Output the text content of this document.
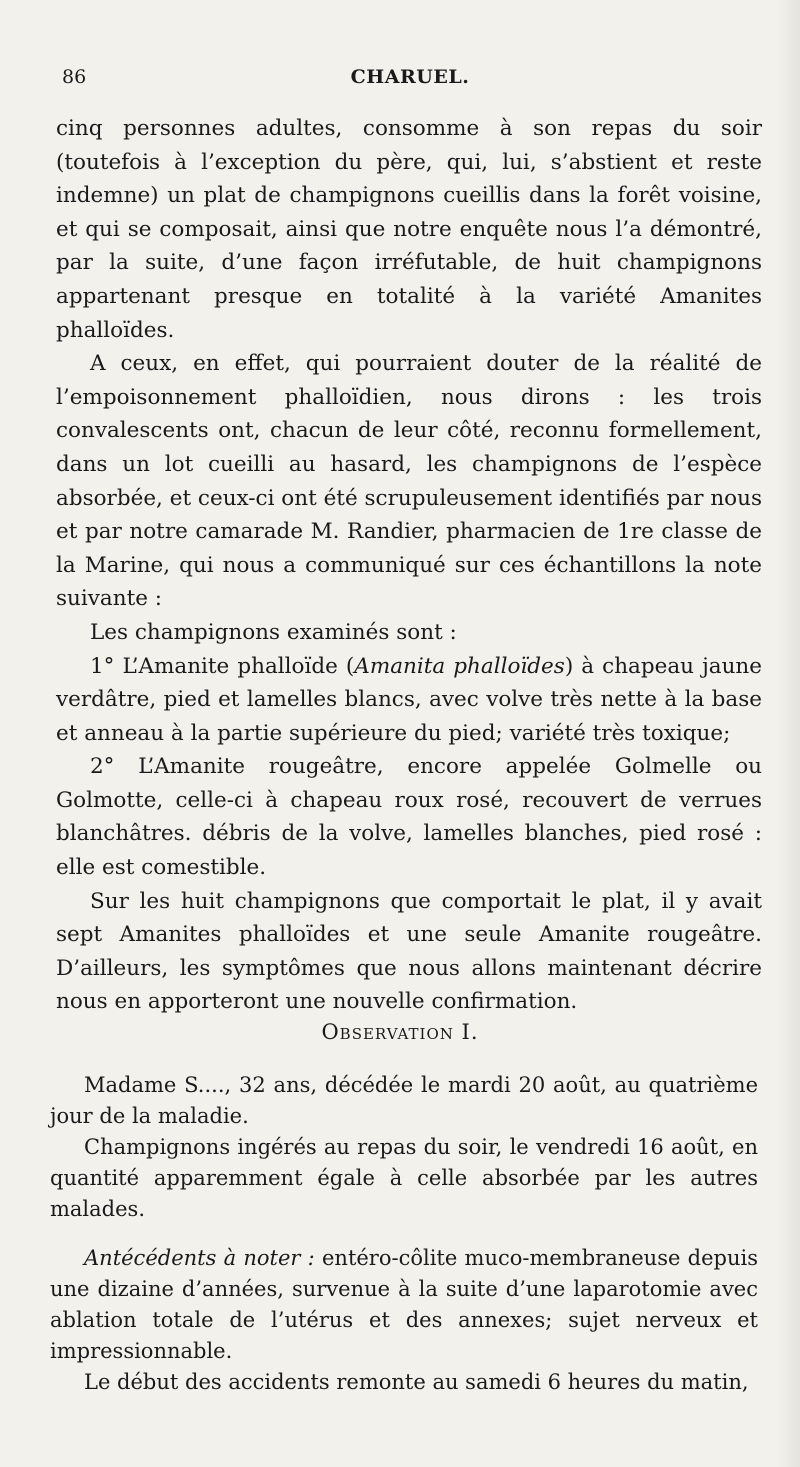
86	CHARUEL.

cinq personnes adultes, consomme à son repas du soir (toutefois à l’exception du père, qui, lui, s’abstient et reste indemne) un plat de champignons cueillis dans la forêt voisine, et qui se composait, ainsi que notre enquête nous l’a démontré, par la suite, d’une façon irréfutable, de huit champignons appartenant presque en totalité à la variété Amanites phalloïdes.

A ceux, en effet, qui pourraient douter de la réalité de l’empoisonnement phalloïdien, nous dirons : les trois convalescents ont, chacun de leur côté, reconnu formellement, dans un lot cueilli au hasard, les champignons de l’espèce absorbée, et ceux-ci ont été scrupuleusement identifiés par nous et par notre camarade M. Randier, pharmacien de 1re classe de la Marine, qui nous a communiqué sur ces échantillons la note suivante :

Les champignons examinés sont :

1° L’Amanite phalloïde (Amanita phalloïdes) à chapeau jaune verdâtre, pied et lamelles blancs, avec volve très nette à la base et anneau à la partie supérieure du pied; variété très toxique;

2° L’Amanite rougeâtre, encore appelée Golmelle ou Golmotte, celle-ci à chapeau roux rosé, recouvert de verrues blanchâtres. débris de la volve, lamelles blanches, pied rosé : elle est comestible.

Sur les huit champignons que comportait le plat, il y avait sept Amanites phalloïdes et une seule Amanite rougeâtre. D’ailleurs, les symptômes que nous allons maintenant décrire nous en apporteront une nouvelle confirmation.

Observation I.

Madame S...., 32 ans, décédée le mardi 20 août, au quatrième jour de la maladie.

Champignons ingérés au repas du soir, le vendredi 16 août, en quantité apparemment égale à celle absorbée par les autres malades.

Antécédents à noter : entéro-côlite muco-membraneuse depuis une dizaine d’années, survenue à la suite d’une laparotomie avec ablation totale de l’utérus et des annexes; sujet nerveux et impressionnable.

Le début des accidents remonte au samedi 6 heures du matin,
